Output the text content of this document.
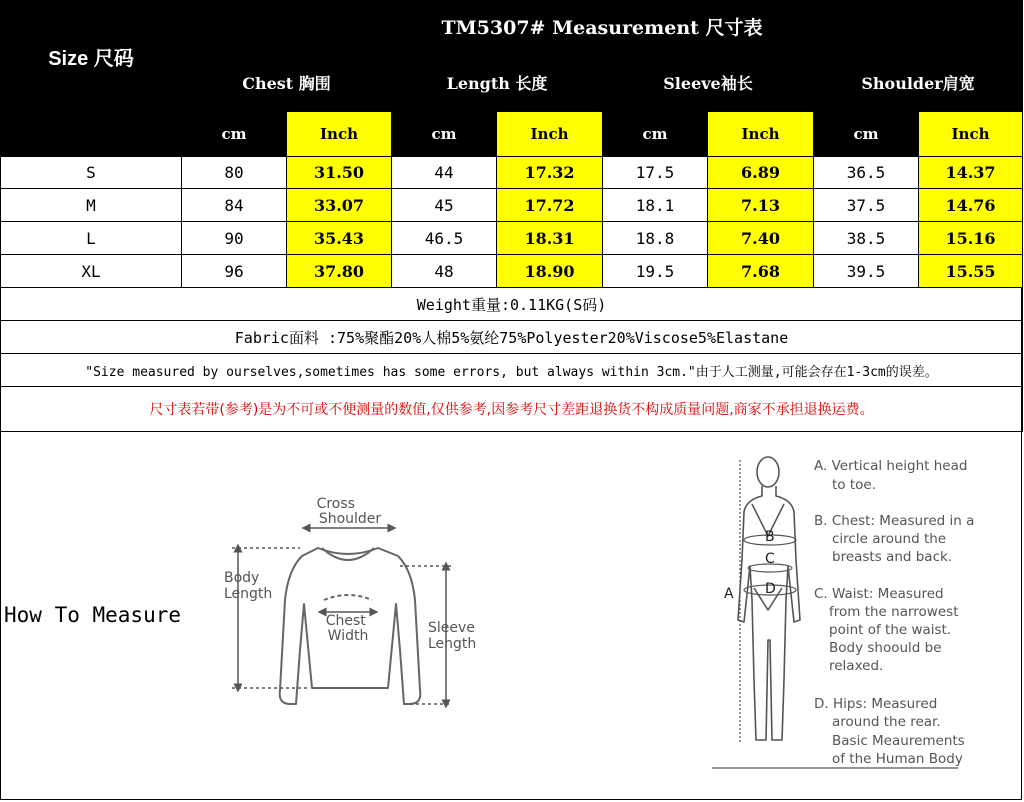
Size 尺码	TM5307# Measurement 尺寸表							
	Chest 胸围		Length 长度		Sleeve袖长		Shoulder肩宽	
	cm	Inch	cm	Inch	cm	Inch	cm	Inch
S	80	31.50	44	17.32	17.5	6.89	36.5	14.37
M	84	33.07	45	17.72	18.1	7.13	37.5	14.76
L	90	35.43	46.5	18.31	18.8	7.40	38.5	15.16
XL	96	37.80	48	18.90	19.5	7.68	39.5	15.55
Weight重量:0.11KG(S码)								
Fabric面料 :75%聚酯20%人棉5%氨纶75%Polyester20%Viscose5%Elastane								
"Size measured by ourselves,sometimes has some errors, but always within 3cm."由于人工测量,可能会存在1-3cm的误差。								
尺寸表若带(参考)是为不可或不便测量的数值,仅供参考,因参考尺寸差距退换货不构成质量问题,商家不承担退换运费。								
How To Measure
Cross Shoulder
Body Length
Chest Width	Sleeve Length
A
B
C
D
A. Vertical height head to toe.
B. Chest: Measured in a circle around the breasts and back.
C. Waist: Measured from the narrowest point of the waist. Body shoould be relaxed.
D. Hips: Measured around the rear. Basic Meaurements of the Human Body
